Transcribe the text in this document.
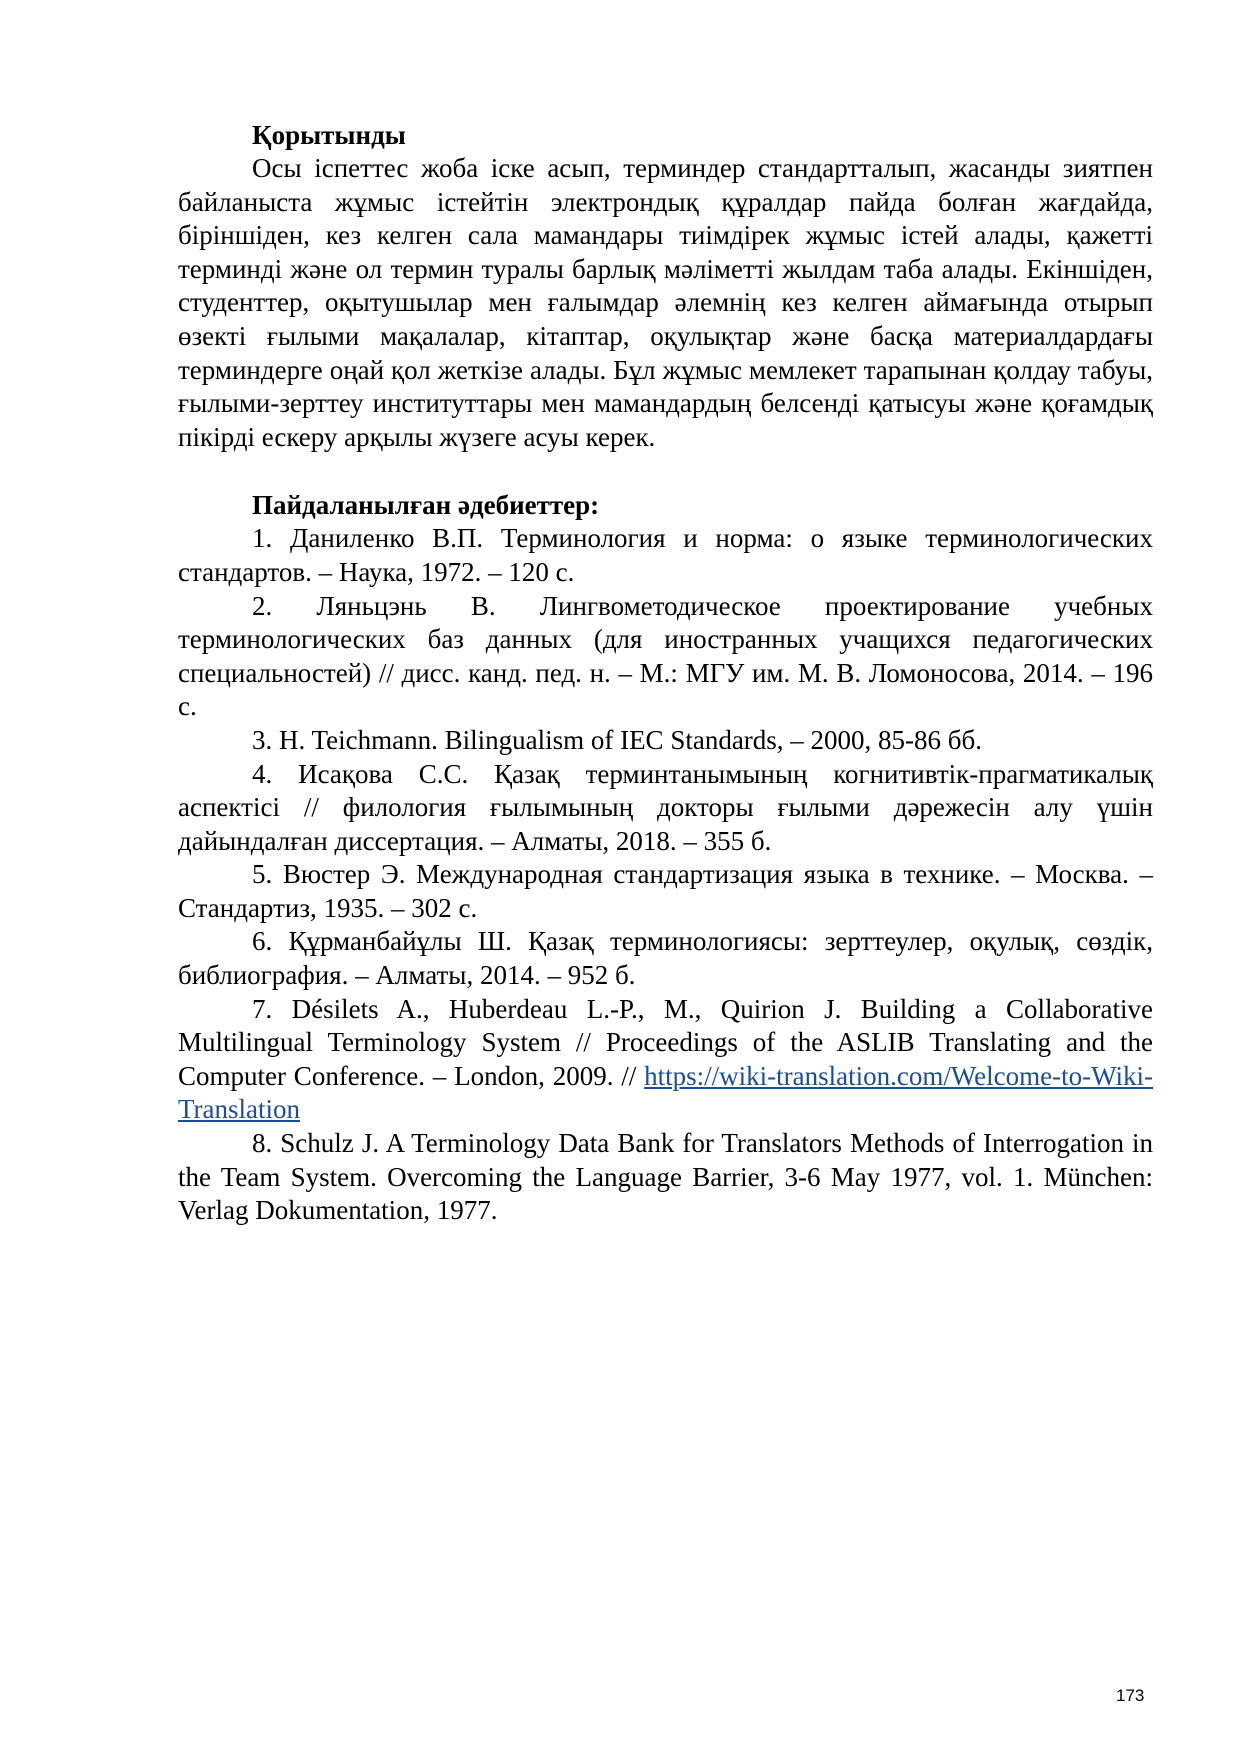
Қорытынды

Осы іспеттес жоба іске асып, терминдер стандартталып, жасанды зиятпен байланыста жұмыс істейтін электрондық құралдар пайда болған жағдайда, біріншіден, кез келген сала мамандары тиімдірек жұмыс істей алады, қажетті терминді және ол термин туралы барлық мәліметті жылдам таба алады. Екіншіден, студенттер, оқытушылар мен ғалымдар әлемнің кез келген аймағында отырып өзекті ғылыми мақалалар, кітаптар, оқулықтар және басқа материалдардағы терминдерге оңай қол жеткізе алады. Бұл жұмыс мемлекет тарапынан қолдау табуы, ғылыми-зерттеу институттары мен мамандардың белсенді қатысуы және қоғамдық пікірді ескеру арқылы жүзеге асуы керек.

Пайдаланылған әдебиеттер:

1. Даниленко В.П. Терминология и норма: о языке терминологических стандартов. – Наука, 1972. – 120 с.

2. Ляньцэнь В. Лингвометодическое проектирование учебных терминологических баз данных (для иностранных учащихся педагогических специальностей) // дисс. канд. пед. н. – М.: МГУ им. М. В. Ломоносова, 2014. – 196 с.

3. H. Teichmann. Bilingualism of IEC Standards, – 2000, 85-86 бб.

4. Исақова С.С. Қазақ терминтанымының когнитивтік-прагматикалық аспектісі // филология ғылымының докторы ғылыми дәрежесін алу үшін дайындалған диссертация. – Алматы, 2018. – 355 б.

5. Вюстер Э. Международная стандартизация языка в технике. – Москва. – Стандартиз, 1935. – 302 с.

6. Құрманбайұлы Ш. Қазақ терминологиясы: зерттеулер, оқулық, сөздік, библиография. – Алматы, 2014. – 952 б.

7. Désilets A., Huberdeau L.-P., M., Quirion J. Building a Collaborative Multilingual Terminology System // Proceedings of the ASLIB Translating and the Computer Conference. – London, 2009. // https://wiki-translation.com/Welcome-to-Wiki-Translation

8. Schulz J. A Terminology Data Bank for Translators Methods of Interrogation in the Team System. Overcoming the Language Barrier, 3-6 May 1977, vol. 1. München: Verlag Dokumentation, 1977.

173
